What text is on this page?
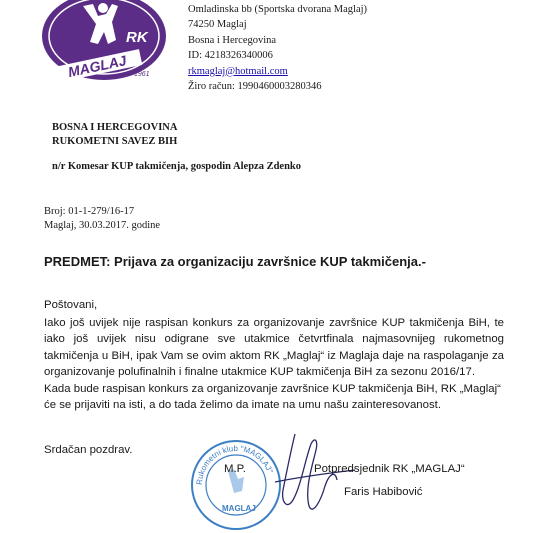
RK
MAGLAJ 1961
Omladinska bb (Sportska dvorana Maglaj)
74250 Maglaj
Bosna i Hercegovina
ID: 4218326340006
rkmaglaj@hotmail.com
Žiro račun: 1990460003280346
BOSNA I HERCEGOVINA
RUKOMETNI SAVEZ BIH
n/r Komesar KUP takmičenja, gospodin Alepza Zdenko
Broj: 01-1-279/16-17
Maglaj, 30.03.2017. godine
PREDMET: Prijava za organizaciju završnice KUP takmičenja.-
Poštovani,
Iako još uvijek nije raspisan konkurs za organizovanje završnice KUP takmičenja BiH, te iako još uvijek nisu odigrane sve utakmice četvrtfinala najmasovnijeg rukometnog takmičenja u BiH, ipak Vam se ovim aktom RK „Maglaj“ iz Maglaja daje na raspolaganje za organizovanje polufinalnih i finalne utakmice KUP takmičenja BiH za sezonu 2016/17.
Kada bude raspisan konkurs za organizovanje završnice KUP takmičenja BiH, RK „Maglaj“ će se prijaviti na isti, a do tada želimo da imate na umu našu zainteresovanost.
Srdačan pozdrav.
Rukometni klub "MAGLAJ"
MAGLAJ
M.P.	Potpredsjednik RK „MAGLAJ“
Faris Habibović
